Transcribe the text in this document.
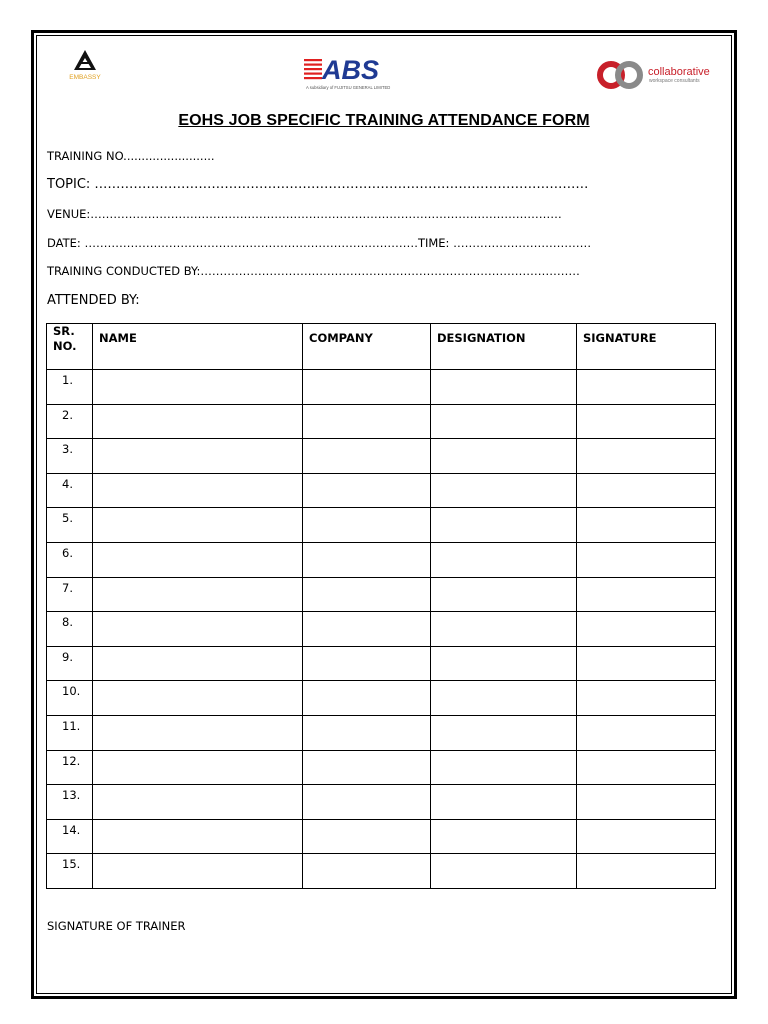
EMBASSY	ABS
A subsidiary of FUJITSU GENERAL LIMITED
collaborative
workspace consultants
EOHS JOB SPECIFIC TRAINING ATTENDANCE FORM
TRAINING NO.........................
TOPIC: ……………………………………………………………………………………………………
VENUE:……………………………………………………………………………………………………………
DATE: ……………………………………………………………………………TIME: ………………………………
TRAINING CONDUCTED BY:………………………………………………………………………………………
ATTENDED BY:
SR. NO.	NAME	COMPANY	DESIGNATION	SIGNATURE

1.				

2.				

3.				

4.				

5.				

6.				

7.				

8.				

9.				

10.				

11.				

12.				

13.				

14.				

15.				

SIGNATURE OF TRAINER
